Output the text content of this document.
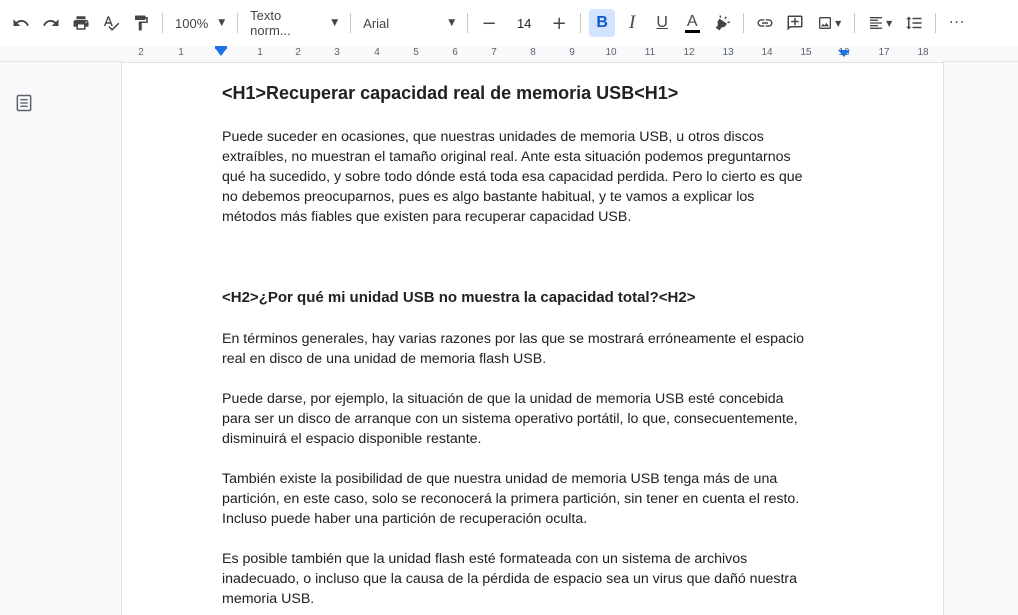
100% ▼ Texto norm...	▼ Arial	▼	−	14	+	B I U A	▼	▼	···
2	1	1	2	3	4	5	6	7	8	9	10	11	12	13	14	15	16	17	18
<H1>Recuperar capacidad real de memoria USB<H1>
Puede suceder en ocasiones, que nuestras unidades de memoria USB, u otros discos
extraíbles, no muestran el tamaño original real. Ante esta situación podemos preguntarnos
qué ha sucedido, y sobre todo dónde está toda esa capacidad perdida. Pero lo cierto es que
no debemos preocuparnos, pues es algo bastante habitual, y te vamos a explicar los
métodos más fiables que existen para recuperar capacidad USB.
<H2>¿Por qué mi unidad USB no muestra la capacidad total?<H2>
En términos generales, hay varias razones por las que se mostrará erróneamente el espacio
real en disco de una unidad de memoria flash USB.
Puede darse, por ejemplo, la situación de que la unidad de memoria USB esté concebida
para ser un disco de arranque con un sistema operativo portátil, lo que, consecuentemente,
disminuirá el espacio disponible restante.
También existe la posibilidad de que nuestra unidad de memoria USB tenga más de una
partición, en este caso, solo se reconocerá la primera partición, sin tener en cuenta el resto.
Incluso puede haber una partición de recuperación oculta.
Es posible también que la unidad flash esté formateada con un sistema de archivos
inadecuado, o incluso que la causa de la pérdida de espacio sea un virus que dañó nuestra
memoria USB.
